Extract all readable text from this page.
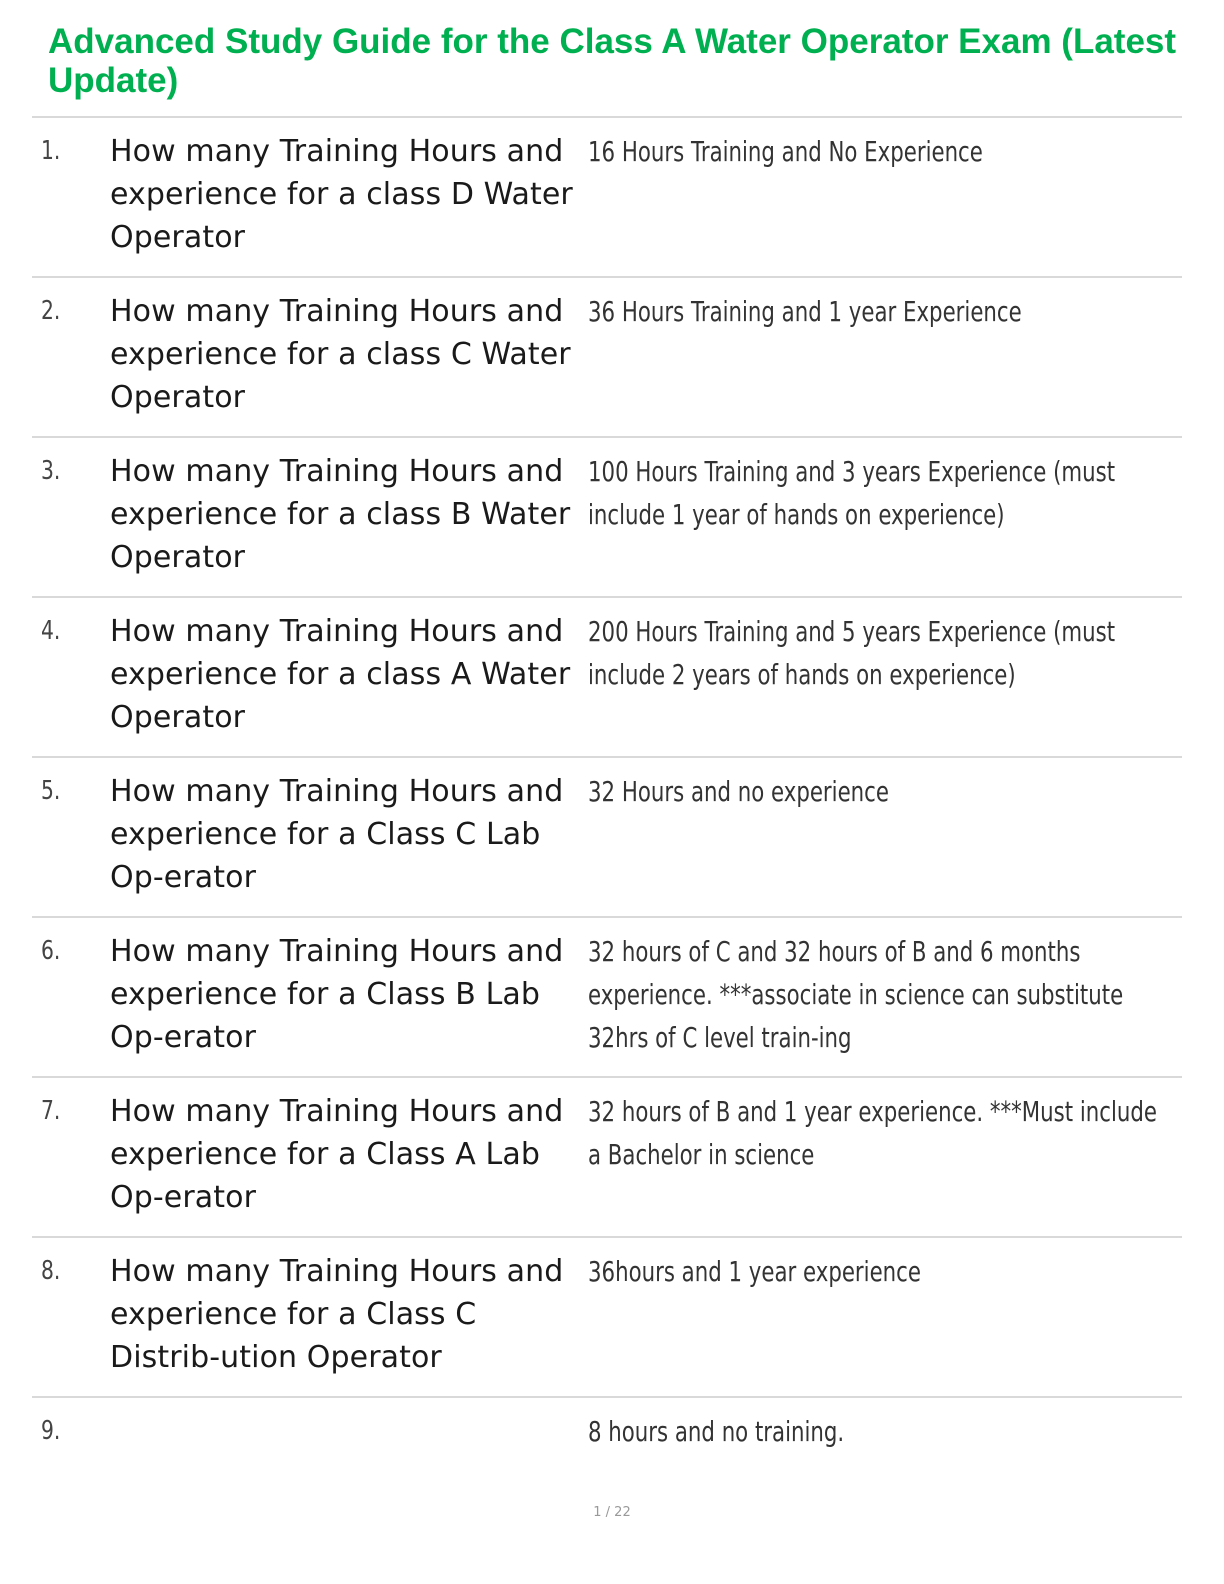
Advanced Study Guide for the Class A Water Operator Exam (Latest Update)
1. How many Training Hours and experience for a class D Water Operator
16 Hours Training and No Experience
2. How many Training Hours and experience for a class C Water Operator
36 Hours Training and 1 year Experience
3. How many Training Hours and experience for a class B Water Operator
100 Hours Training and 3 years Experience (must include 1 year of hands on experience)
4. How many Training Hours and experience for a class A Water Operator
200 Hours Training and 5 years Experience (must include 2 years of hands on experience)
5. How many Training Hours and experience for a Class C Lab Op-erator
32 Hours and no experience
6. How many Training Hours and experience for a Class B Lab Op-erator
32 hours of C and 32 hours of B and 6 months experience. ***associate in science can substitute 32hrs of C level train-ing
7. How many Training Hours and experience for a Class A Lab Op-erator
32 hours of B and 1 year experience. ***Must include a Bachelor in science
8. How many Training Hours and experience for a Class C Distrib-ution Operator
36hours and 1 year experience
9.	8 hours and no training.
1 / 22
